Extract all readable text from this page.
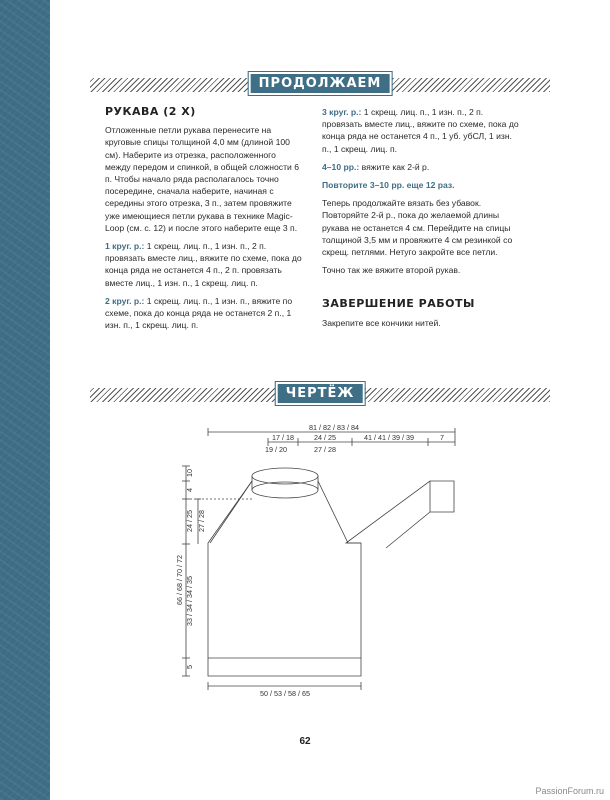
ПРОДОЛЖАЕМ
РУКАВА (2 Х)

Отложенные петли рукава перенесите на круговые спицы толщиной 4,0 мм (длиной 100 см). Наберите из отрезка, расположенного между передом и спинкой, в общей сложности 6 п. Чтобы начало ряда располагалось точно посередине, сначала наберите, начиная с середины этого отрезка, 3 п., затем провяжите уже имеющиеся петли рукава в технике Magic-Loop (см. с. 12) и после этого наберите еще 3 п.

1 круг. р.: 1 скрещ. лиц. п., 1 изн. п., 2 п. провязать вместе лиц., вяжите по схеме, пока до конца ряда не останется 4 п., 2 п. провязать вместе лиц., 1 изн. п., 1 скрещ. лиц. п.

2 круг. р.: 1 скрещ. лиц. п., 1 изн. п., вяжите по схеме, пока до конца ряда не останется 2 п., 1 изн. п., 1 скрещ. лиц. п.

3 круг. р.: 1 скрещ. лиц. п., 1 изн. п., 2 п. провязать вместе лиц., вяжите по схеме, пока до конца ряда не останется 4 п., 1 уб. убСЛ, 1 изн. п., 1 скрещ. лиц. п.

4–10 рр.: вяжите как 2-й р.

Повторите 3–10 рр. еще 12 раз.

Теперь продолжайте вязать без убавок. Повторяйте 2-й р., пока до желаемой длины рукава не останется 4 см. Перейдите на спицы толщиной 3,5 мм и провяжите 4 см резинкой со скрещ. петлями. Нетуго закройте все петли.

Точно так же вяжите второй рукав.

ЗАВЕРШЕНИЕ РАБОТЫ

Закрепите все кончики нитей.

ЧЕРТЁЖ
81 / 82 / 83 / 84
17 / 18
19 / 20
24 / 25
27 / 28
41 / 41 / 39 / 39	7
50 / 53 / 58 / 65
10
4
24 / 25 27 / 28
66 / 68 / 70 / 72 33 / 34 / 34 / 35
5
62
PassionForum.ru
